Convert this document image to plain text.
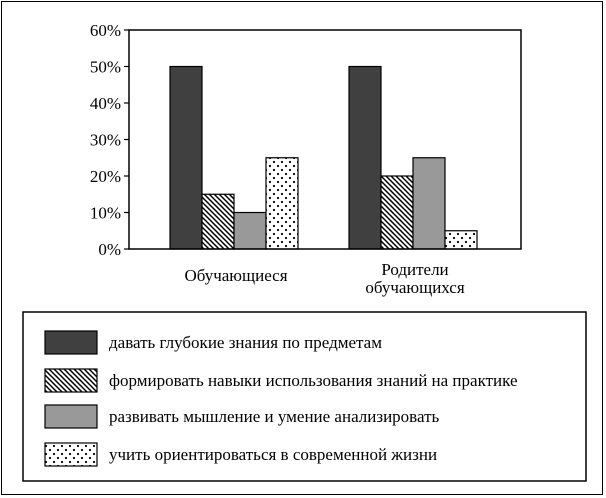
0%
10%
20%
30%
40%
50%
60%
Обучающиеся	Родители обучающихся
давать глубокие знания по предметам
формировать навыки использования знаний на практике
развивать мышление и умение анализировать
учить ориентироваться в современной жизни
